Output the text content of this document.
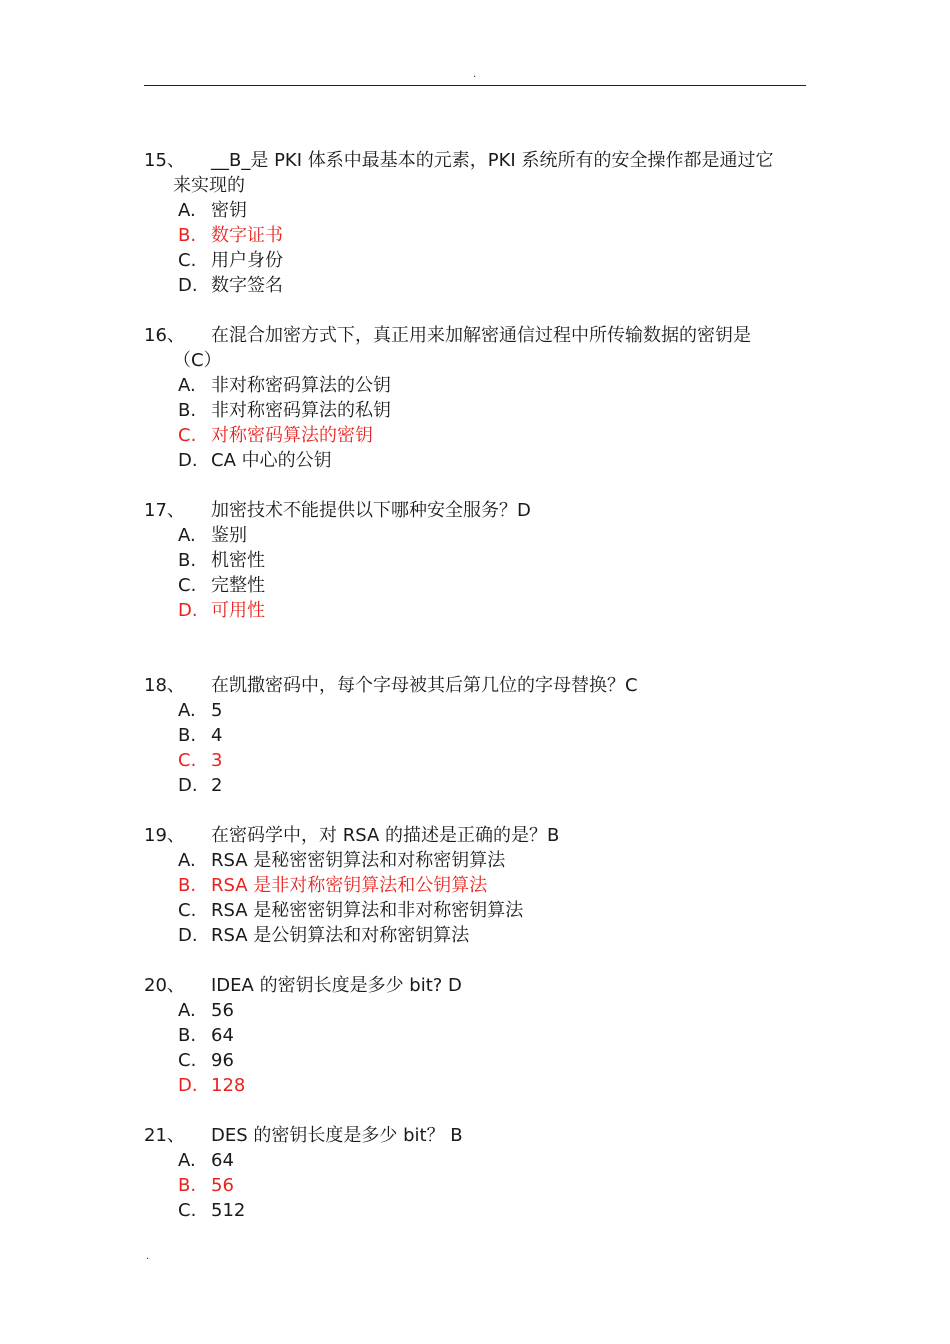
.
15、	__B_是 PKI 体系中最基本的元素，PKI 系统所有的安全操作都是通过它
来实现的
A. 密钥
B. 数字证书
C. 用户身份
D. 数字签名
16、	在混合加密方式下，真正用来加解密通信过程中所传输数据的密钥是
（C）
A. 非对称密码算法的公钥
B. 非对称密码算法的私钥
C. 对称密码算法的密钥
D. CA 中心的公钥
17、	加密技术不能提供以下哪种安全服务？D
A. 鉴别
B. 机密性
C. 完整性
D. 可用性
18、	在凯撒密码中，每个字母被其后第几位的字母替换？C
A. 5
B. 4
C. 3
D. 2
19、	在密码学中，对 RSA 的描述是正确的是？B
A. RSA 是秘密密钥算法和对称密钥算法
B. RSA 是非对称密钥算法和公钥算法
C. RSA 是秘密密钥算法和非对称密钥算法
D. RSA 是公钥算法和对称密钥算法
20、	IDEA 的密钥长度是多少 bit? D
A. 56
B. 64
C. 96
D. 128
21、	DES 的密钥长度是多少 bit？ B
A. 64
B. 56
C. 512
.
